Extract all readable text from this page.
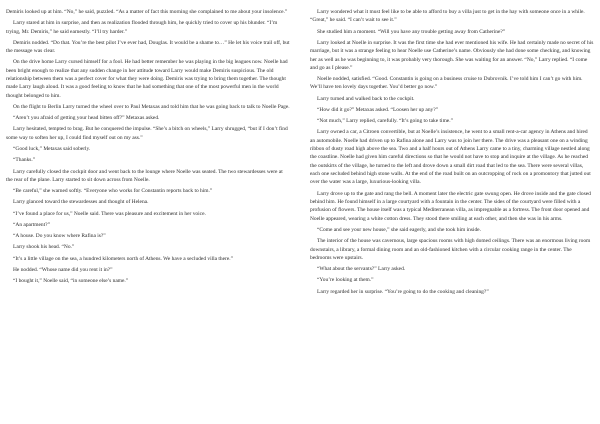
Demiris looked up at him. “No,” he said, puzzled. “As a matter of fact this morning she complained to me about your insolence.”

Larry stared at him in surprise, and then as realization flooded through him, he quickly tried to cover up his blunder. “I’m trying, Mr. Demiris,” he said earnestly. “I’ll try harder.”

Demiris nodded. “Do that. You’re the best pilot I’ve ever had, Douglas. It would be a shame to…” He let his voice trail off, but the message was clear.

On the drive home Larry cursed himself for a fool. He had better remember he was playing in the big leagues now. Noelle had been bright enough to realize that any sudden change in her attitude toward Larry would make Demiris suspicious. The old relationship between them was a perfect cover for what they were doing. Demiris was trying to bring them together. The thought made Larry laugh aloud. It was a good feeling to know that he had something that one of the most powerful men in the world thought belonged to him.

On the flight to Berlin Larry turned the wheel over to Paul Metaxas and told him that he was going back to talk to Noelle Page.

“Aren’t you afraid of getting your head bitten off?” Metaxas asked.

Larry hesitated, tempted to brag. But he conquered the impulse. “She’s a bitch on wheels,” Larry shrugged, “but if I don’t find some way to soften her up, I could find myself out on my ass.”

“Good luck,” Metaxas said soberly.

“Thanks.”

Larry carefully closed the cockpit door and went back to the lounge where Noelle was seated. The two stewardesses were at the rear of the plane. Larry started to sit down across from Noelle.

“Be careful,” she warned softly. “Everyone who works for Constantin reports back to him.”

Larry glanced toward the stewardesses and thought of Helena.

“I’ve found a place for us,” Noelle said. There was pleasure and excitement in her voice.

“An apartment?”

“A house. Do you know where Rafina is?”

Larry shook his head. “No.”

“It’s a little village on the sea, a hundred kilometers north of Athens. We have a secluded villa there.”

He nodded. “Whose name did you rent it in?”

“I bought it,” Noelle said, “in someone else’s name.”

Larry wondered what it must feel like to be able to afford to buy a villa just to get in the hay with someone once in a while. “Great,” he said. “I can’t wait to see it.”

She studied him a moment. “Will you have any trouble getting away from Catherine?”

Larry looked at Noelle in surprise. It was the first time she had ever mentioned his wife. He had certainly made no secret of his marriage, but it was a strange feeling to hear Noelle use Catherine’s name. Obviously she had done some checking, and knowing her as well as he was beginning to, it was probably very thorough. She was waiting for an answer. “No,” Larry replied. “I come and go as I please.”

Noelle nodded, satisfied. “Good. Constantin is going on a business cruise to Dubrovnik. I’ve told him I can’t go with him. We’ll have ten lovely days together. You’d better go now.”

Larry turned and walked back to the cockpit.

“How did it go?” Metaxas asked. “Loosen her up any?”

“Not much,” Larry replied, carefully. “It’s going to take time.”

Larry owned a car, a Citroen convertible, but at Noelle’s insistence, he went to a small rent-a-car agency in Athens and hired an automobile. Noelle had driven up to Rafina alone and Larry was to join her there. The drive was a pleasant one on a winding ribbon of dusty road high above the sea. Two and a half hours out of Athens Larry came to a tiny, charming village nestled along the coastline. Noelle had given him careful directions so that he would not have to stop and inquire at the village. As he reached the outskirts of the village, he turned to the left and drove down a small dirt road that led to the sea. There were several villas, each one secluded behind high stone walls. At the end of the road built on an outcropping of rock on a promontory that jutted out over the water was a large, luxurious-looking villa.

Larry drove up to the gate and rang the bell. A moment later the electric gate swung open. He drove inside and the gate closed behind him. He found himself in a large courtyard with a fountain in the center. The sides of the courtyard were filled with a profusion of flowers. The house itself was a typical Mediterranean villa, as impregnable as a fortress. The front door opened and Noelle appeared, wearing a white cotton dress. They stood there smiling at each other, and then she was in his arms.

“Come and see your new house,” she said eagerly, and she took him inside.

The interior of the house was cavernous, large spacious rooms with high domed ceilings. There was an enormous living room downstairs, a library, a formal dining room and an old-fashioned kitchen with a circular cooking range in the center. The bedrooms were upstairs.

“What about the servants?” Larry asked.

“You’re looking at them.”

Larry regarded her in surprise. “You’re going to do the cooking and cleaning?”
